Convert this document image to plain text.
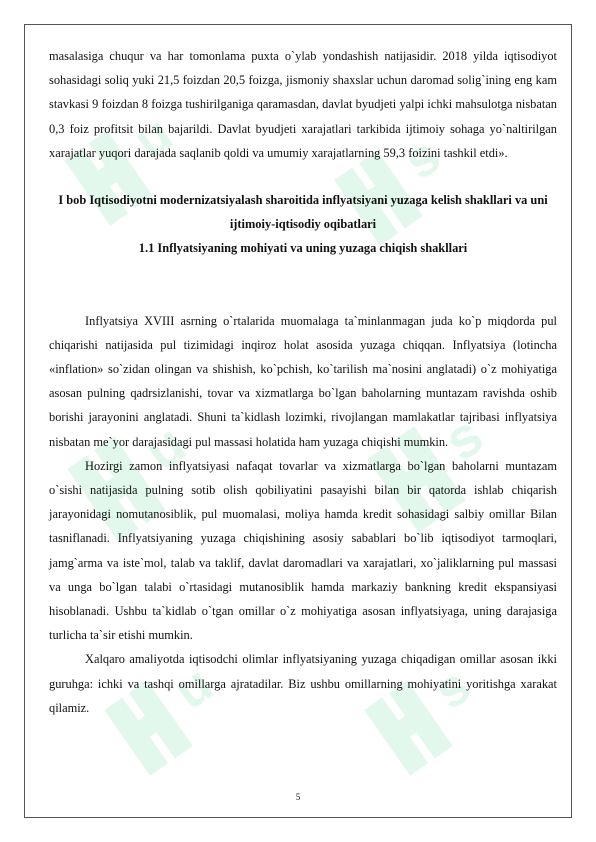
u	s
u	s
u	s

masalasiga chuqur va har tomonlama puxta o`ylab yondashish natijasidir. 2018 yilda iqtisodiyot sohasidagi soliq yuki 21,5 foizdan 20,5 foizga, jismoniy shaxslar uchun daromad solig`ining eng kam stavkasi 9 foizdan 8 foizga tushirilganiga qaramasdan, davlat byudjeti yalpi ichki mahsulotga nisbatan 0,3 foiz profitsit bilan bajarildi. Davlat byudjeti xarajatlari tarkibida ijtimoiy sohaga yo`naltirilgan xarajatlar yuqori darajada saqlanib qoldi va umumiy xarajatlarning 59,3 foizini tashkil etdi».

I bob Iqtisodiyotni modernizatsiyalash sharoitida inflyatsiyani yuzaga kelish shakllari va uni ijtimoiy-iqtisodiy oqibatlari

1.1 Inflyatsiyaning mohiyati va uning yuzaga chiqish shakllari

Inflyatsiya XVIII asrning o`rtalarida muomalaga ta`minlanmagan juda ko`p miqdorda pul chiqarishi natijasida pul tizimidagi inqiroz holat asosida yuzaga chiqqan. Inflyatsiya (lotincha «inflation» so`zidan olingan va shishish, ko`pchish, ko`tarilish ma`nosini anglatadi) o`z mohiyatiga asosan pulning qadrsizlanishi, tovar va xizmatlarga bo`lgan baholarning muntazam ravishda oshib borishi jarayonini anglatadi. Shuni ta`kidlash lozimki, rivojlangan mamlakatlar tajribasi inflyatsiya nisbatan me`yor darajasidagi pul massasi holatida ham yuzaga chiqishi mumkin.

Hozirgi zamon inflyatsiyasi nafaqat tovarlar va xizmatlarga bo`lgan baholarni muntazam o`sishi natijasida pulning sotib olish qobiliyatini pasayishi bilan bir qatorda ishlab chiqarish jarayonidagi nomutanosiblik, pul muomalasi, moliya hamda kredit sohasidagi salbiy omillar Bilan tasniflanadi. Inflyatsiyaning yuzaga chiqishining asosiy sabablari bo`lib iqtisodiyot tarmoqlari, jamg`arma va iste`mol, talab va taklif, davlat daromadlari va xarajatlari, xo`jaliklarning pul massasi va unga bo`lgan talabi o`rtasidagi mutanosiblik hamda markaziy bankning kredit ekspansiyasi hisoblanadi. Ushbu ta`kidlab o`tgan omillar o`z mohiyatiga asosan inflyatsiyaga, uning darajasiga turlicha ta`sir etishi mumkin.

Xalqaro amaliyotda iqtisodchi olimlar inflyatsiyaning yuzaga chiqadigan omillar asosan ikki guruhga: ichki va tashqi omillarga ajratadilar. Biz ushbu omillarning mohiyatini yoritishga xarakat qilamiz.

5
